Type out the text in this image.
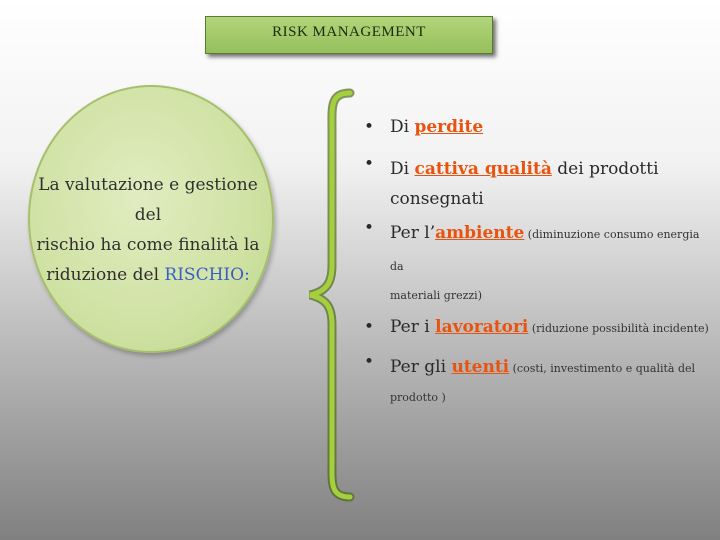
RISK MANAGEMENT
La valutazione e gestione del
rischio ha come finalità la
riduzione del RISCHIO:
• Di perdite
• Di cattiva qualità dei prodotti
consegnati
• Per l’ambiente (diminuzione consumo energia da
materiali grezzi)
• Per i lavoratori (riduzione possibilità incidente)
• Per gli utenti (costi, investimento e qualità del
prodotto )
